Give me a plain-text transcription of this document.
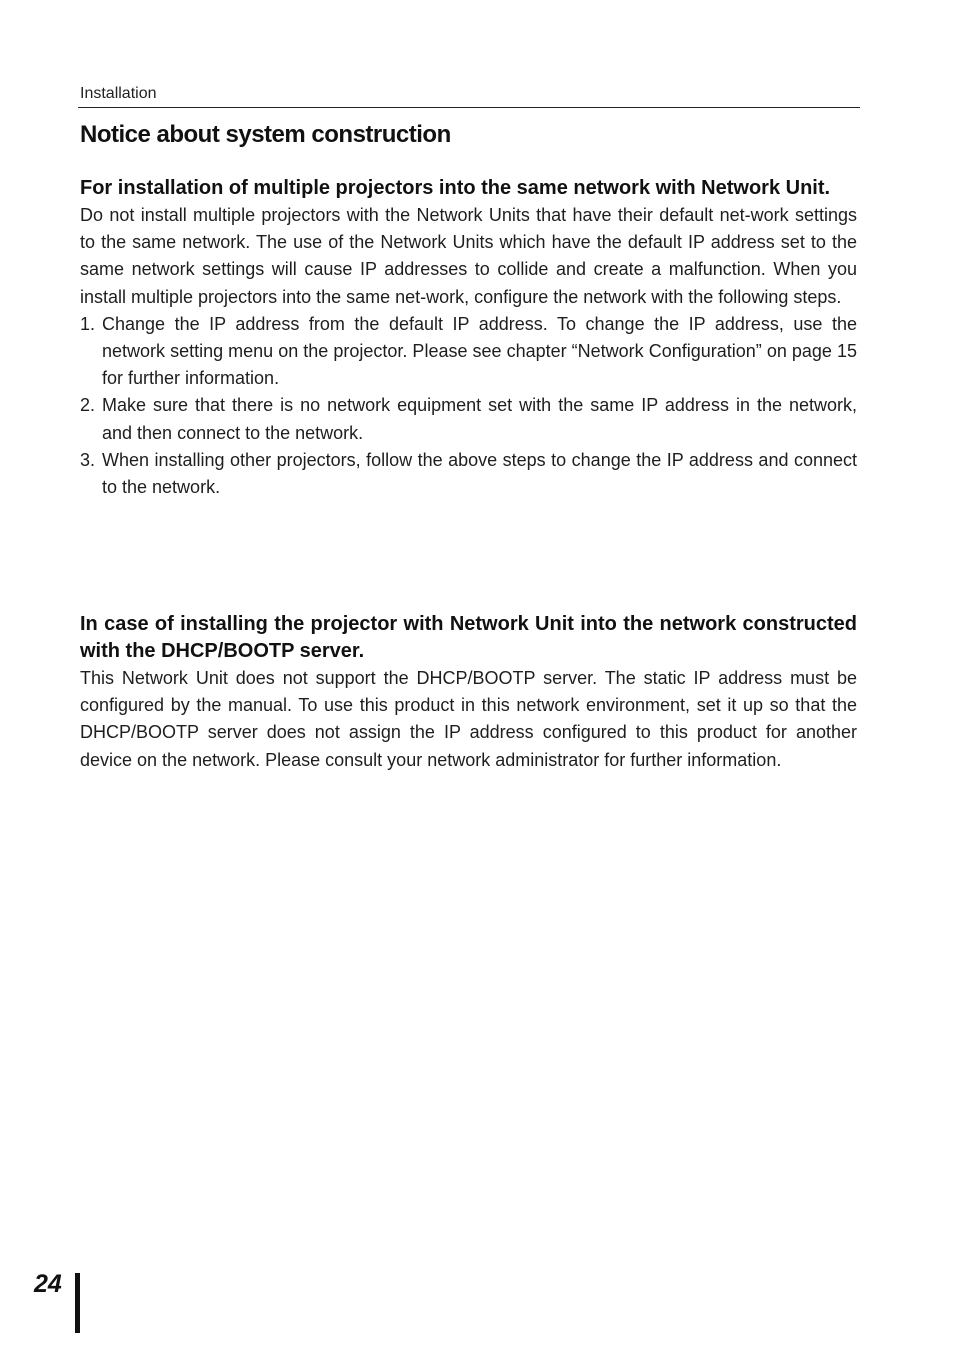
Installation
Notice about system construction
For installation of multiple projectors into the same network with Network Unit.

Do not install multiple projectors with the Network Units that have their default net-work settings to the same network. The use of the Network Units which have the default IP address set to the same network settings will cause IP addresses to collide and create a malfunction. When you install multiple projectors into the same net-work, configure the network with the following steps.

1. Change the IP address from the default IP address. To change the IP address, use the network setting menu on the projector. Please see chapter “Network Configuration” on page 15 for further information.
2. Make sure that there is no network equipment set with the same IP address in the network, and then connect to the network.
3. When installing other projectors, follow the above steps to change the IP address and connect to the network.
In case of installing the projector with Network Unit into the network constructed with the DHCP/BOOTP server.

This Network Unit does not support the DHCP/BOOTP server. The static IP address must be configured by the manual. To use this product in this network environment, set it up so that the DHCP/BOOTP server does not assign the IP address configured to this product for another device on the network. Please consult your network administrator for further information.

24
